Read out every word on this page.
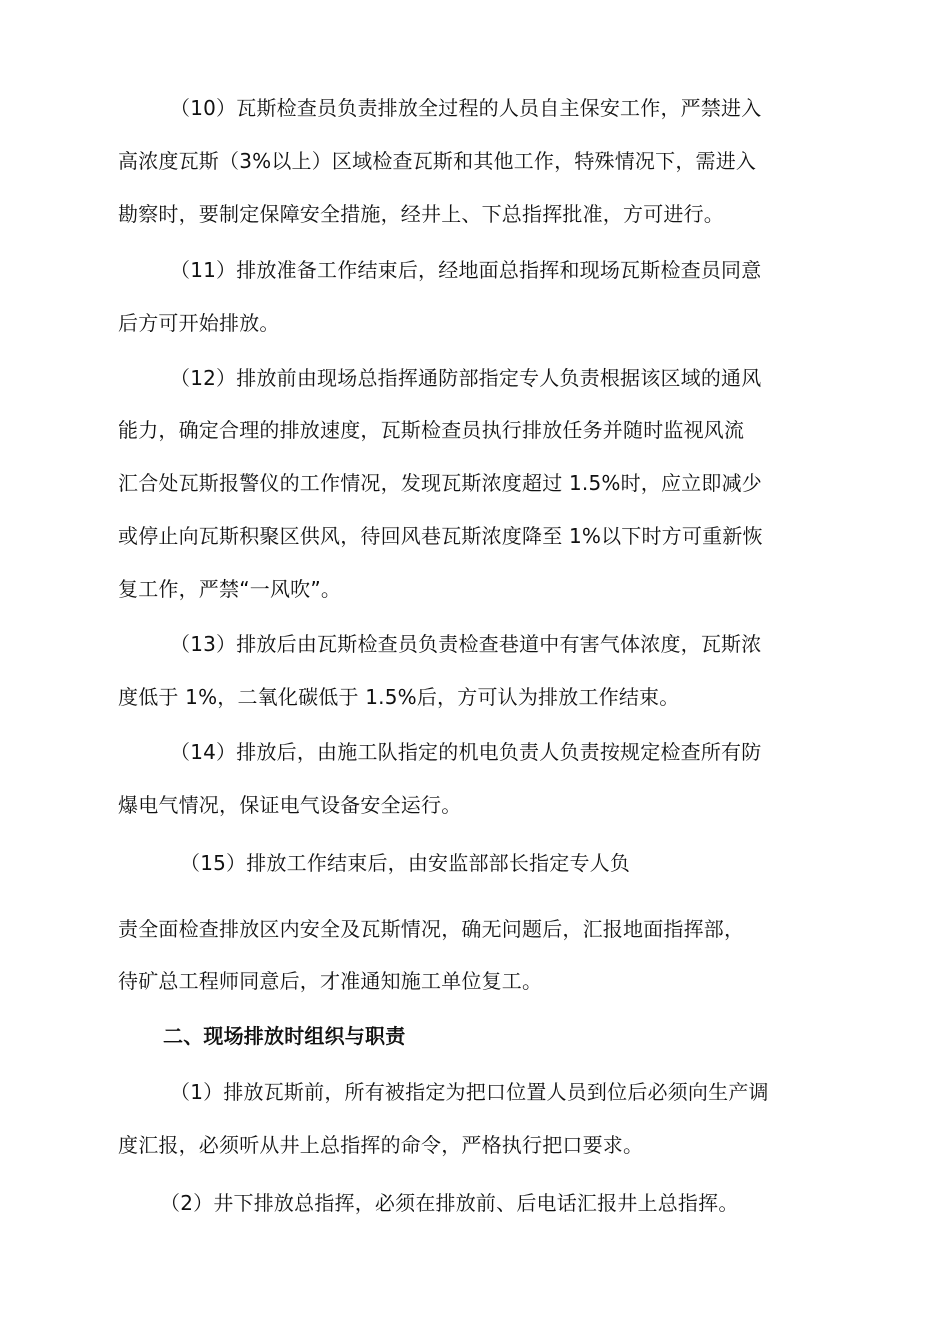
（10）瓦斯检查员负责排放全过程的人员自主保安工作，严禁进入
高浓度瓦斯（3%以上）区域检查瓦斯和其他工作，特殊情况下，需进入
勘察时，要制定保障安全措施，经井上、下总指挥批准，方可进行。
（11）排放准备工作结束后，经地面总指挥和现场瓦斯检查员同意
后方可开始排放。
（12）排放前由现场总指挥通防部指定专人负责根据该区域的通风
能力，确定合理的排放速度，瓦斯检查员执行排放任务并随时监视风流
汇合处瓦斯报警仪的工作情况，发现瓦斯浓度超过 1.5%时，应立即减少
或停止向瓦斯积聚区供风，待回风巷瓦斯浓度降至 1%以下时方可重新恢
复工作，严禁“一风吹”。
（13）排放后由瓦斯检查员负责检查巷道中有害气体浓度，瓦斯浓
度低于 1%，二氧化碳低于 1.5%后，方可认为排放工作结束。
（14）排放后，由施工队指定的机电负责人负责按规定检查所有防
爆电气情况，保证电气设备安全运行。
（15）排放工作结束后，由安监部部长指定专人负
责全面检查排放区内安全及瓦斯情况，确无问题后，汇报地面指挥部，
待矿总工程师同意后，才准通知施工单位复工。
二、现场排放时组织与职责
（1）排放瓦斯前，所有被指定为把口位置人员到位后必须向生产调
度汇报，必须听从井上总指挥的命令，严格执行把口要求。
（2）井下排放总指挥，必须在排放前、后电话汇报井上总指挥。
